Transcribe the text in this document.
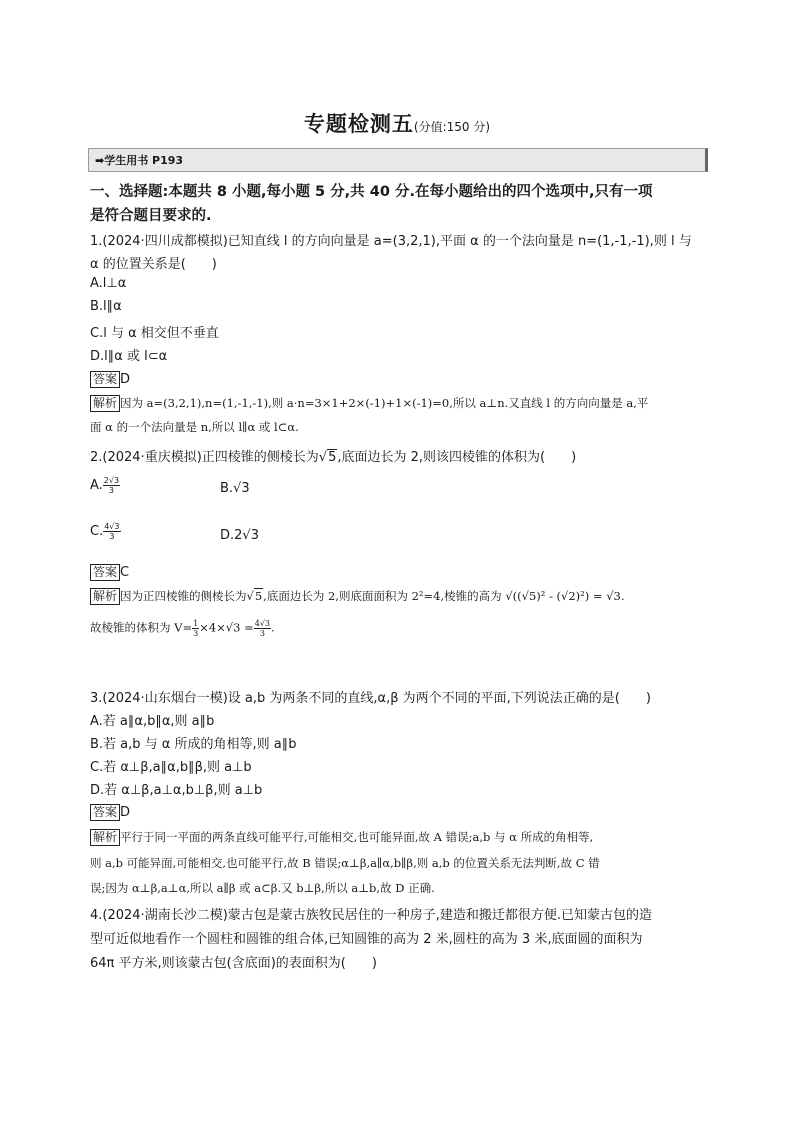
专题检测五(分值:150 分)
➡学生用书 P193
一、选择题:本题共 8 小题,每小题 5 分,共 40 分.在每小题给出的四个选项中,只有一项
是符合题目要求的.
1.(2024·四川成都模拟)已知直线 l 的方向向量是 a=(3,2,1),平面 α 的一个法向量是 n=(1,-1,-1),则 l 与
α 的位置关系是(　　)
A.l⊥α
B.l∥α
C.l 与 α 相交但不垂直
D.l∥α 或 l⊂α
答案 D
解析 因为 a=(3,2,1),n=(1,-1,-1),则 a·n=3×1+2×(-1)+1×(-1)=0,所以 a⊥n.又直线 l 的方向向量是 a,平
面 α 的一个法向量是 n,所以 l∥α 或 l⊂α.
2.(2024·重庆模拟)正四棱锥的侧棱长为√5,底面边长为 2,则该四棱锥的体积为(　　)
A. $\frac{2√3}{3}$	B.√3
C. $\frac{4√3}{3}$	D.2√3
答案 C
解析 因为正四棱锥的侧棱长为√5,底面边长为 2,则底面面积为 2²=4,棱锥的高为 √((√5)² - (√2)²) = √3.
故棱锥的体积为 $V= \frac{1}{3} \times 4\times√3 = \frac{4√3}{3}$ .
3.(2024·山东烟台一模)设 a,b 为两条不同的直线,α,β 为两个不同的平面,下列说法正确的是(　　)
A.若 a∥α,b∥α,则 a∥b
B.若 a,b 与 α 所成的角相等,则 a∥b
C.若 α⊥β,a∥α,b∥β,则 a⊥b
D.若 α⊥β,a⊥α,b⊥β,则 a⊥b
答案 D
解析 平行于同一平面的两条直线可能平行,可能相交,也可能异面,故 A 错误;a,b 与 α 所成的角相等,
则 a,b 可能异面,可能相交,也可能平行,故 B 错误;α⊥β,a∥α,b∥β,则 a,b 的位置关系无法判断,故 C 错
误;因为 α⊥β,a⊥α,所以 a∥β 或 a⊂β.又 b⊥β,所以 a⊥b,故 D 正确.
4.(2024·湖南长沙二模)蒙古包是蒙古族牧民居住的一种房子,建造和搬迁都很方便.已知蒙古包的造
型可近似地看作一个圆柱和圆锥的组合体,已知圆锥的高为 2 米,圆柱的高为 3 米,底面圆的面积为
64π 平方米,则该蒙古包(含底面)的表面积为(　　)
